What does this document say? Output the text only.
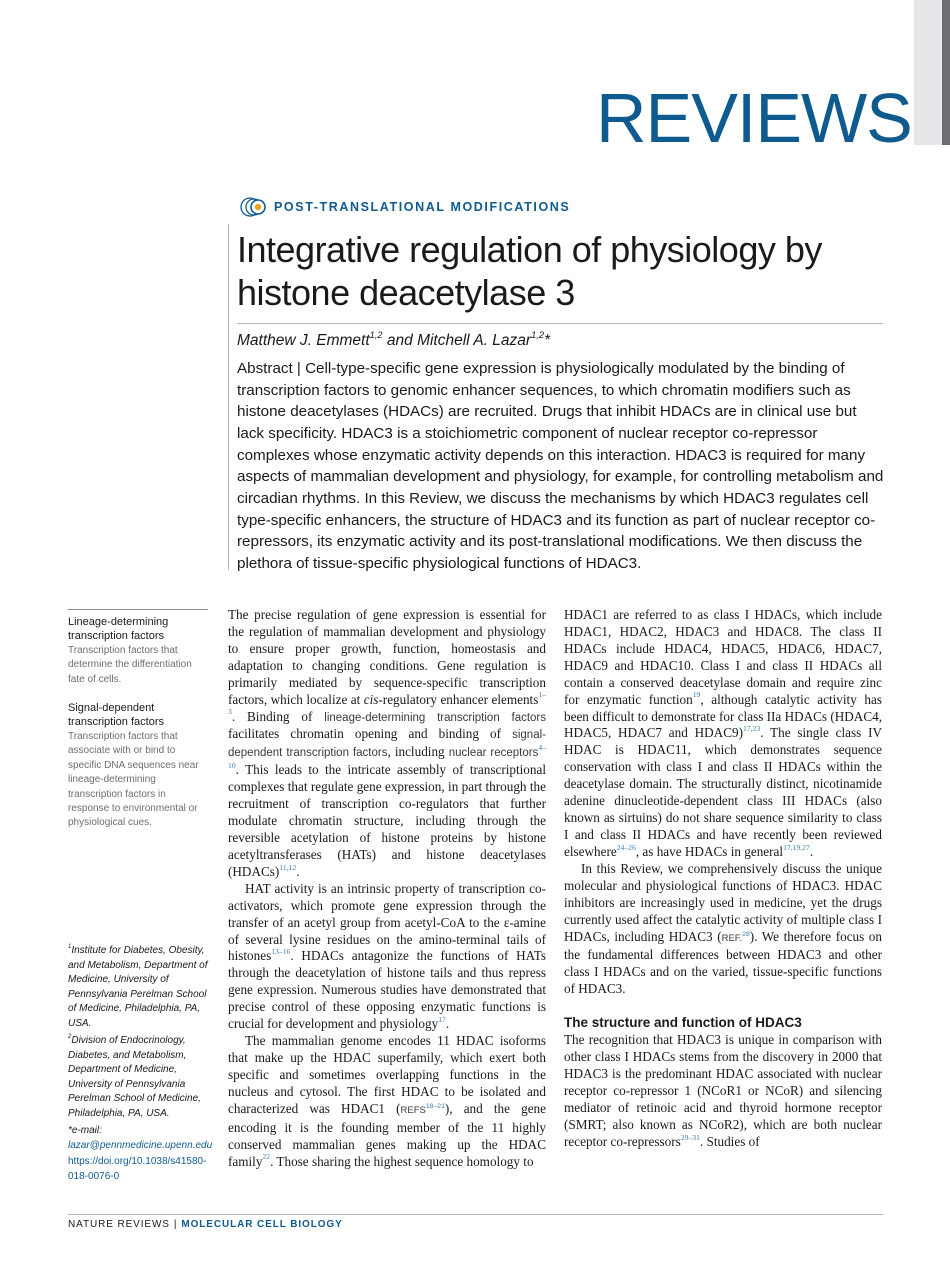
REVIEWS
POST-TRANSLATIONAL MODIFICATIONS
Integrative regulation of physiology by histone deacetylase 3
Matthew J. Emmett$^{1,2}$ and Mitchell A. Lazar$^{1,2}$*

Abstract | Cell-type-specific gene expression is physiologically modulated by the binding of transcription factors to genomic enhancer sequences, to which chromatin modifiers such as histone deacetylases (HDACs) are recruited. Drugs that inhibit HDACs are in clinical use but lack specificity. HDAC3 is a stoichiometric component of nuclear receptor co-repressor complexes whose enzymatic activity depends on this interaction. HDAC3 is required for many aspects of mammalian development and physiology, for example, for controlling metabolism and circadian rhythms. In this Review, we discuss the mechanisms by which HDAC3 regulates cell type-specific enhancers, the structure of HDAC3 and its function as part of nuclear receptor co-repressors, its enzymatic activity and its post-translational modifications. We then discuss the plethora of tissue-specific physiological functions of HDAC3.

Lineage-determining transcription factors
Transcription factors that determine the differentiation fate of cells.
Signal-dependent transcription factors
Transcription factors that associate with or bind to specific DNA sequences near lineage-determining transcription factors in response to environmental or physiological cues.
$^1$Institute for Diabetes, Obesity, and Metabolism, Department of Medicine, University of Pennsylvania Perelman School of Medicine, Philadelphia, PA, USA.
$^2$Division of Endocrinology, Diabetes, and Metabolism, Department of Medicine, University of Pennsylvania Perelman School of Medicine, Philadelphia, PA, USA.
*e-mail: lazar@pennmedicine.upenn.edu
https://doi.org/10.1038/s41580-018-0076-0

The precise regulation of gene expression is essential for the regulation of mammalian development and physiology to ensure proper growth, function, homeostasis and adaptation to changing conditions. Gene regulation is primarily mediated by sequence-specific transcription factors, which localize at cis-regulatory enhancer elements$^{1-3}$. Binding of lineage-determining transcription factors facilitates chromatin opening and binding of signal-dependent transcription factors, including nuclear receptors$^{4-10}$. This leads to the intricate assembly of transcriptional complexes that regulate gene expression, in part through the recruitment of transcription co-regulators that further modulate chromatin structure, including through the reversible acetylation of histone proteins by histone acetyltransferases (HATs) and histone deacetylases (HDACs)$^{11,12}$.

HAT activity is an intrinsic property of transcription co-activators, which promote gene expression through the transfer of an acetyl group from acetyl-CoA to the ε-amine of several lysine residues on the amino-terminal tails of histones$^{13-16}$. HDACs antagonize the functions of HATs through the deacetylation of histone tails and thus repress gene expression. Numerous studies have demonstrated that precise control of these opposing enzymatic functions is crucial for development and physiology$^{17}$.

The mammalian genome encodes 11 HDAC isoforms that make up the HDAC superfamily, which exert both specific and sometimes overlapping functions in the nucleus and cytosol. The first HDAC to be isolated and characterized was HDAC1 (REFS$^{18-21}$), and the gene encoding it is the founding member of the 11 highly conserved mammalian genes making up the HDAC family$^{22}$. Those sharing the highest sequence homology to

HDAC1 are referred to as class I HDACs, which include HDAC1, HDAC2, HDAC3 and HDAC8. The class II HDACs include HDAC4, HDAC5, HDAC6, HDAC7, HDAC9 and HDAC10. Class I and class II HDACs all contain a conserved deacetylase domain and require zinc for enzymatic function$^{19}$, although catalytic activity has been difficult to demonstrate for class IIa HDACs (HDAC4, HDAC5, HDAC7 and HDAC9)$^{17,23}$. The single class IV HDAC is HDAC11, which demonstrates sequence conservation with class I and class II HDACs within the deacetylase domain. The structurally distinct, nicotinamide adenine dinucleotide-dependent class III HDACs (also known as sirtuins) do not share sequence similarity to class I and class II HDACs and have recently been reviewed elsewhere$^{24-26}$, as have HDACs in general$^{17,19,27}$.

In this Review, we comprehensively discuss the unique molecular and physiological functions of HDAC3. HDAC inhibitors are increasingly used in medicine, yet the drugs currently used affect the catalytic activity of multiple class I HDACs, including HDAC3 (REF.$^{28}$). We therefore focus on the fundamental differences between HDAC3 and other class I HDACs and on the varied, tissue-specific functions of HDAC3.

The structure and function of HDAC3

The recognition that HDAC3 is unique in comparison with other class I HDACs stems from the discovery in 2000 that HDAC3 is the predominant HDAC associated with nuclear receptor co-repressor 1 (NCoR1 or NCoR) and silencing mediator of retinoic acid and thyroid hormone receptor (SMRT; also known as NCoR2), which are both nuclear receptor co-repressors$^{29-31}$. Studies of

NATURE REVIEWS | MOLECULAR CELL BIOLOGY
